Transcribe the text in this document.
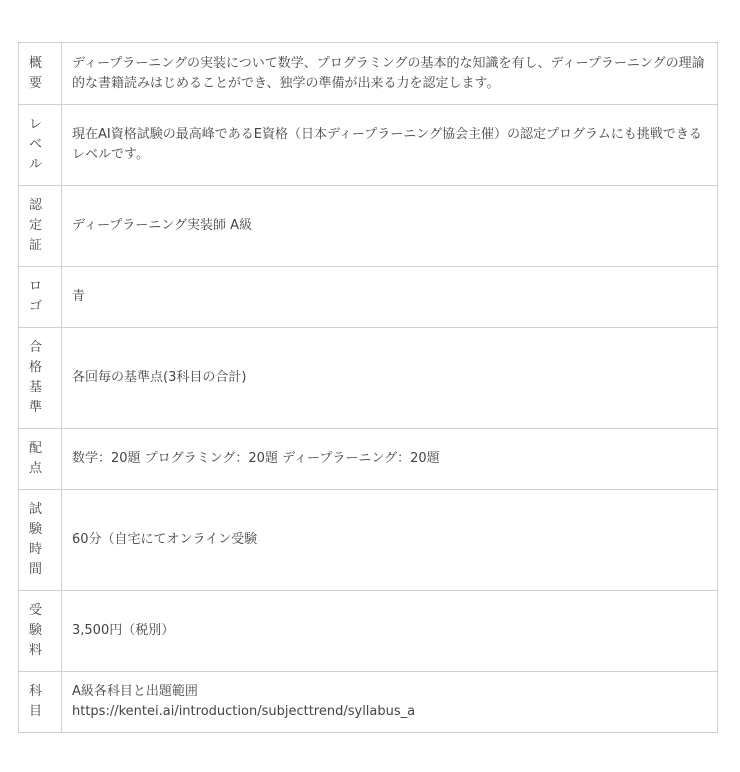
概要	ディープラーニングの実装について数学、プログラミングの基本的な知識を有し、ディープラーニングの理論的な書籍読みはじめることができ、独学の準備が出来る力を認定します。

レベル	現在AI資格試験の最高峰であるE資格（日本ディープラーニング協会主催）の認定プログラムにも挑戦できるレベルです。

認定証	ディープラーニング実装師 A級

ロゴ	青

合格基準	各回毎の基準点(3科目の合計)

配点	数学：20題 プログラミング：20題 ディープラーニング：20題

試験時間	60分（自宅にてオンライン受験

受験料	3,500円（税別）

科目	A級各科目と出題範囲
https://kentei.ai/introduction/subjecttrend/syllabus_a
